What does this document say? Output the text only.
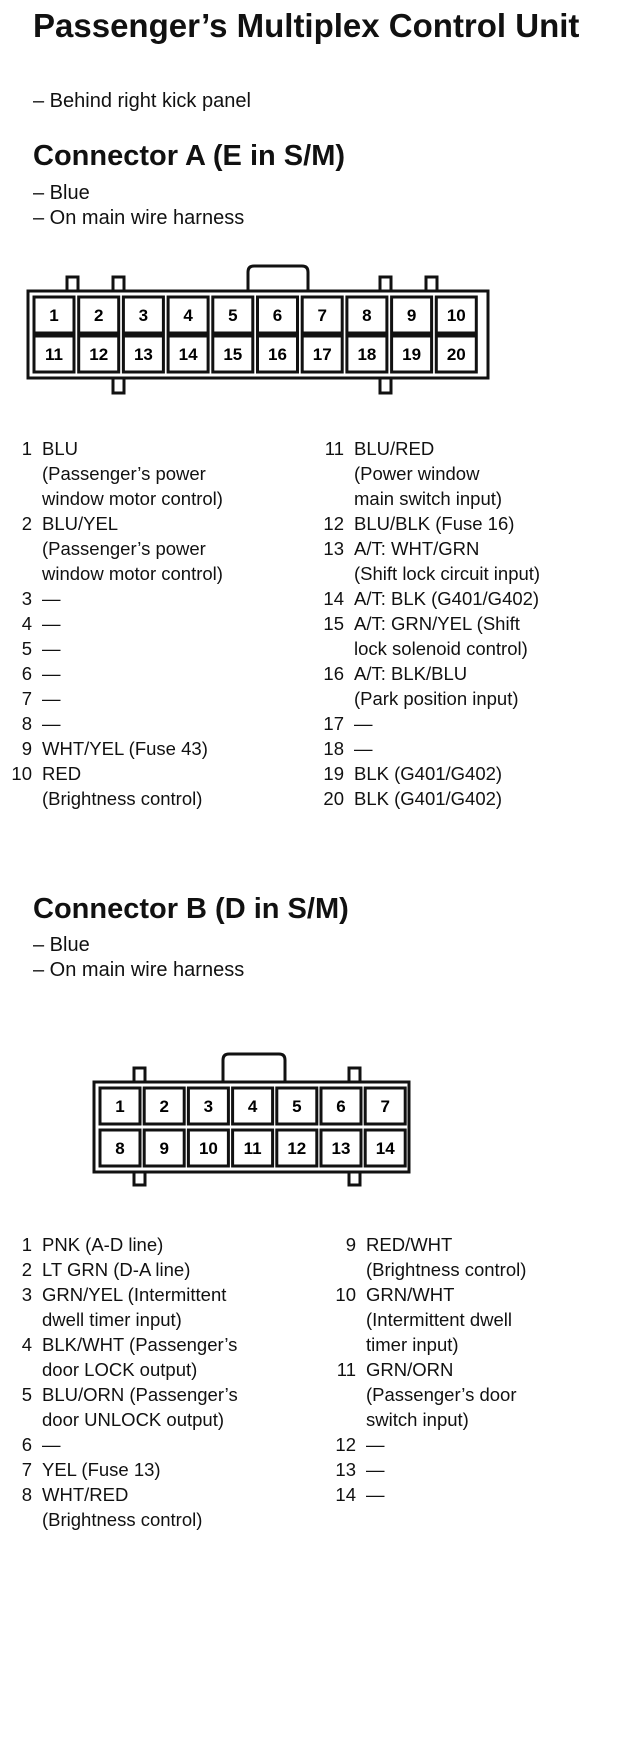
Passenger’s Multiplex Control Unit
– Behind right kick panel
Connector A (E in S/M)
– Blue
– On main wire harness
1 2 3 4 5 6 7 8 9 10
11 12 13 14 15 16 17 18 19 20
1 BLU
(Passenger’s power
window motor control)
2 BLU/YEL
(Passenger’s power
window motor control)
3 —
4 —
5 —
6 —
7 —
8 —
9 WHT/YEL (Fuse 43)
10 RED
(Brightness control)
11 BLU/RED
(Power window
main switch input)
12 BLU/BLK (Fuse 16)
13 A/T: WHT/GRN
(Shift lock circuit input)
14 A/T: BLK (G401/G402)
15 A/T: GRN/YEL (Shift
lock solenoid control)
16 A/T: BLK/BLU
(Park position input)
17 —
18 —
19 BLK (G401/G402)
20 BLK (G401/G402)
Connector B (D in S/M)
– Blue
– On main wire harness
1 2 3 4 5 6 7
8 9 10 11 12 13 14
1 PNK (A-D line)
2 LT GRN (D-A line)
3 GRN/YEL (Intermittent
dwell timer input)
4 BLK/WHT (Passenger’s
door LOCK output)
5 BLU/ORN (Passenger’s
door UNLOCK output)
6 —
7 YEL (Fuse 13)
8 WHT/RED
(Brightness control)
9 RED/WHT
(Brightness control)
10 GRN/WHT
(Intermittent dwell
timer input)
11 GRN/ORN
(Passenger’s door
switch input)
12 —
13 —
14 —
